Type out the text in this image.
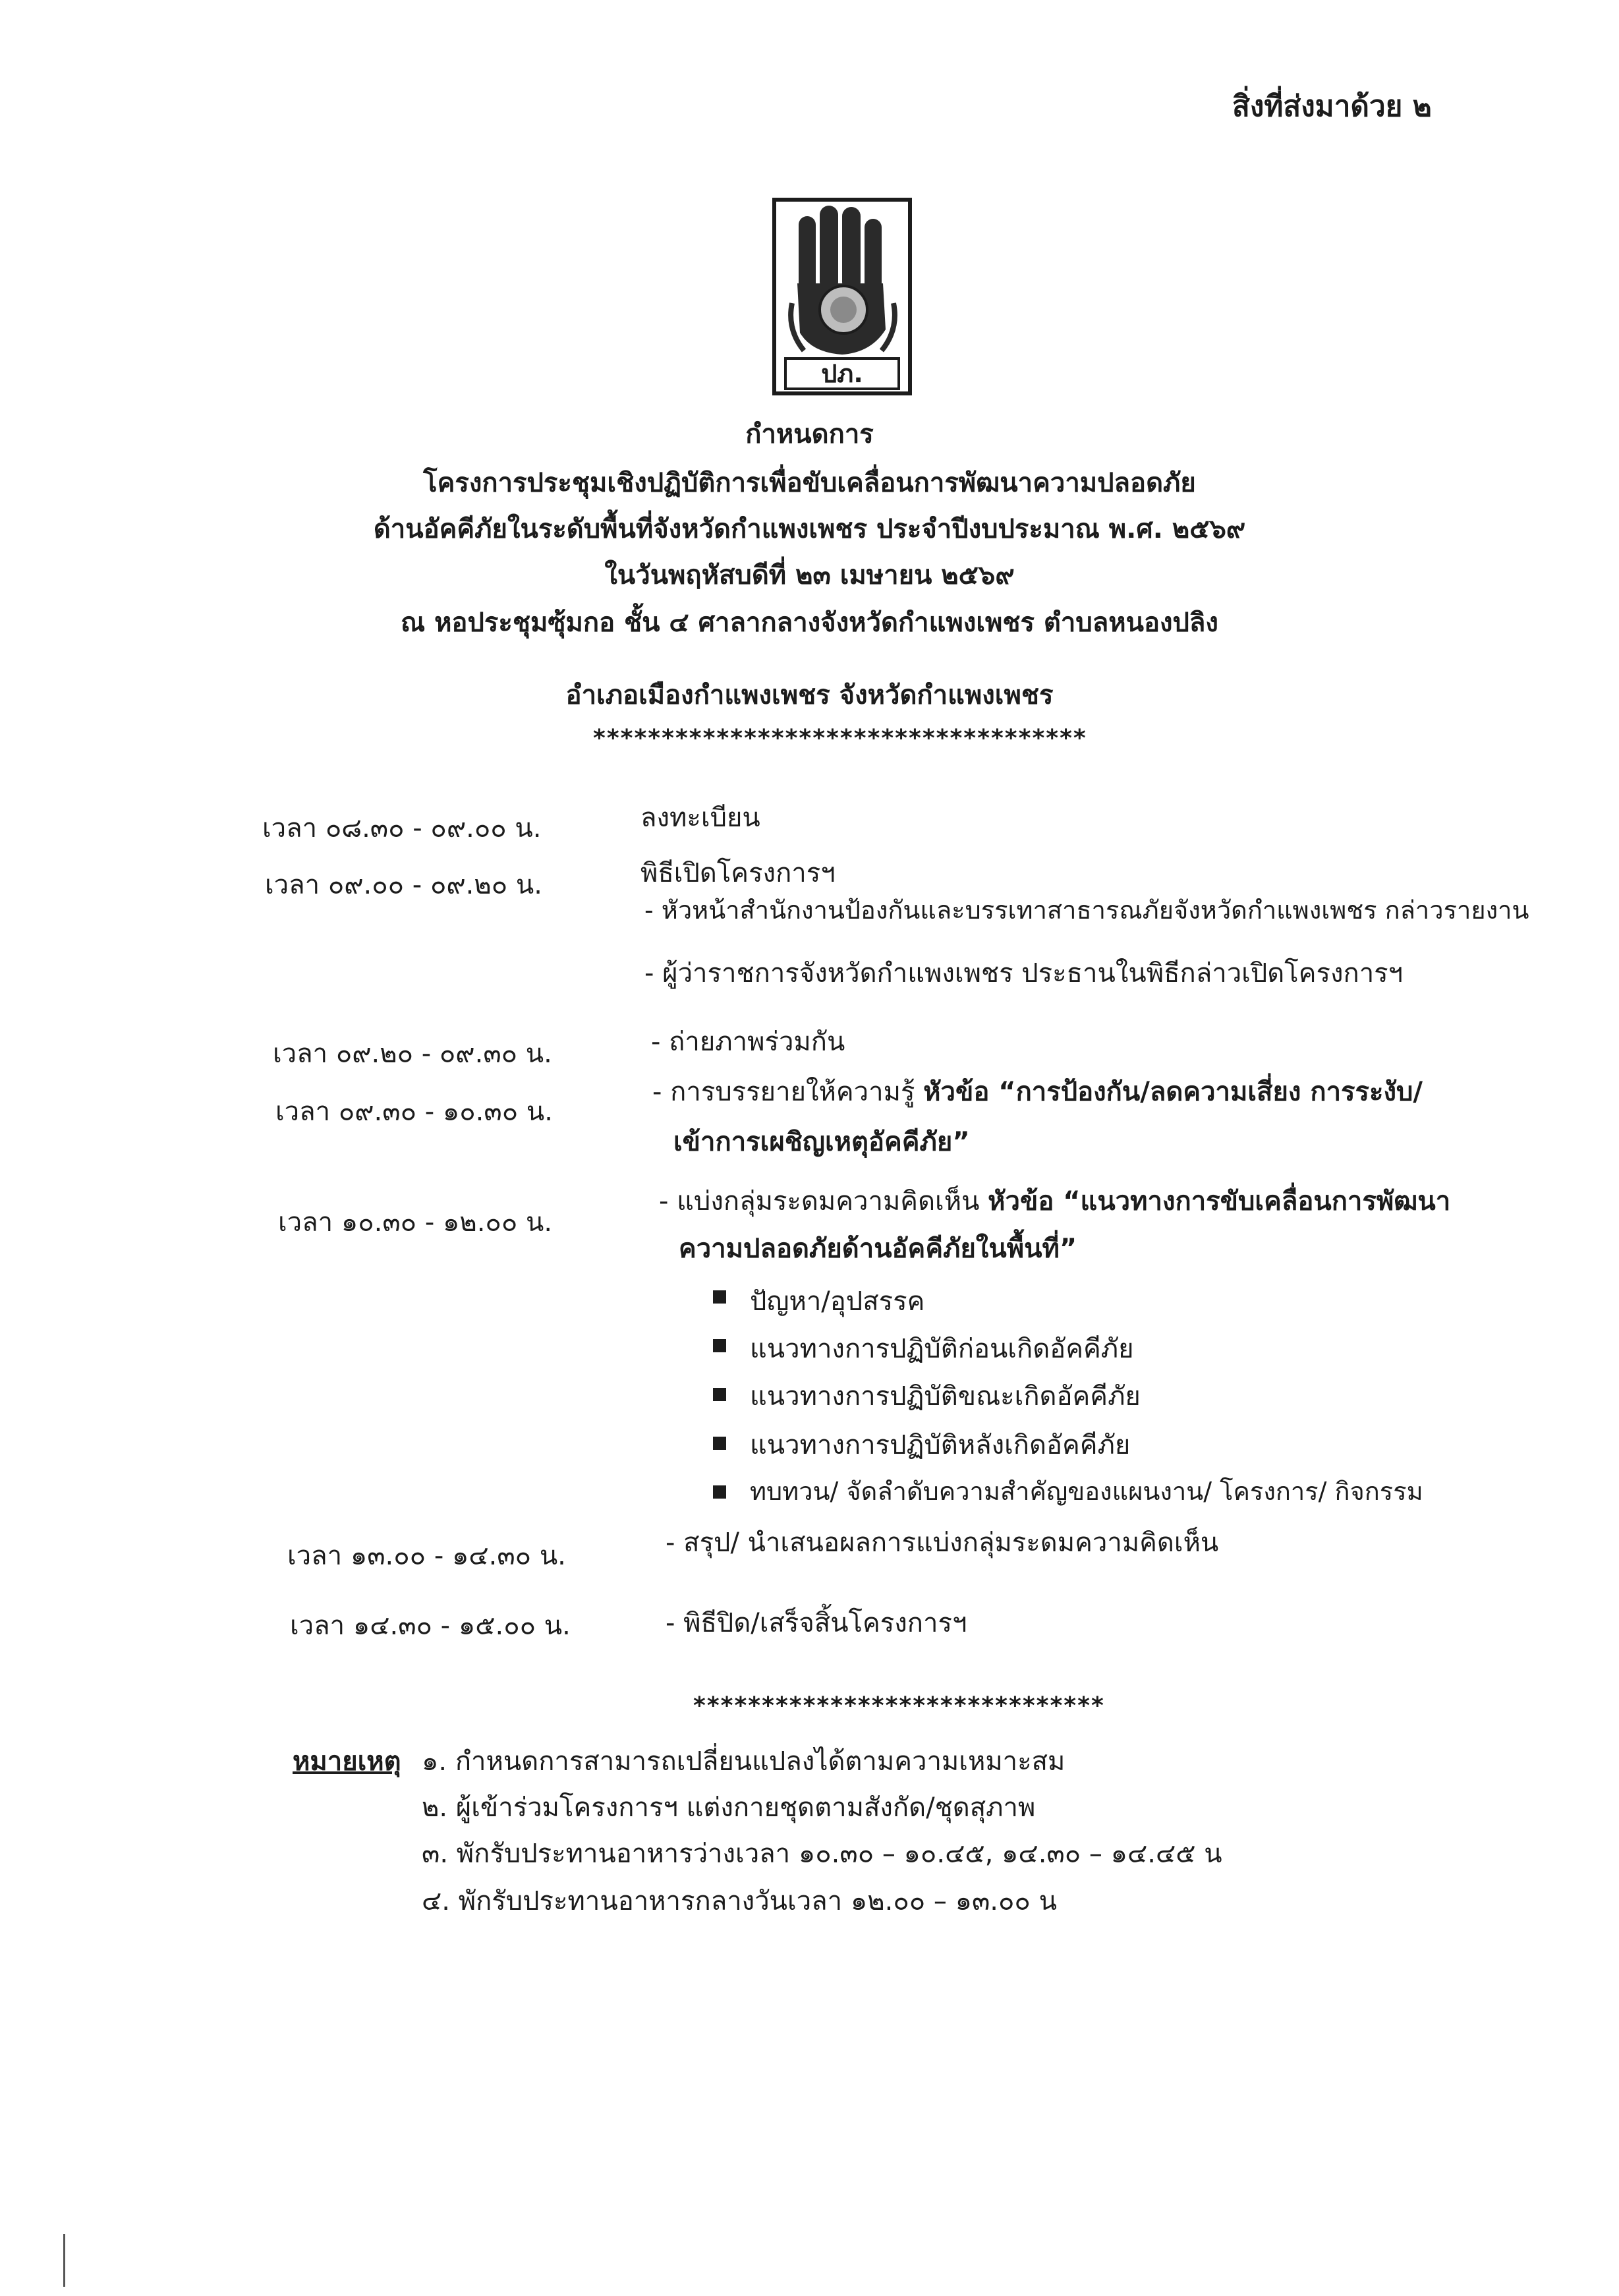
สิ่งที่ส่งมาด้วย ๒
ปภ.
กำหนดการ
โครงการประชุมเชิงปฏิบัติการเพื่อขับเคลื่อนการพัฒนาความปลอดภัย
ด้านอัคคีภัยในระดับพื้นที่จังหวัดกำแพงเพชร ประจำปีงบประมาณ พ.ศ. ๒๕๖๙
ในวันพฤหัสบดีที่ ๒๓ เมษายน ๒๕๖๙
ณ หอประชุมซุ้มกอ ชั้น ๔ ศาลากลางจังหวัดกำแพงเพชร ตำบลหนองปลิง
อำเภอเมืองกำแพงเพชร จังหวัดกำแพงเพชร
************************************
เวลา ๐๘.๓๐ - ๐๙.๐๐ น.	ลงทะเบียน
เวลา ๐๙.๐๐ - ๐๙.๒๐ น.	พิธีเปิดโครงการฯ
- หัวหน้าสำนักงานป้องกันและบรรเทาสาธารณภัยจังหวัดกำแพงเพชร กล่าวรายงาน
- ผู้ว่าราชการจังหวัดกำแพงเพชร ประธานในพิธีกล่าวเปิดโครงการฯ
เวลา ๐๙.๒๐ - ๐๙.๓๐ น.	- ถ่ายภาพร่วมกัน
เวลา ๐๙.๓๐ - ๑๐.๓๐ น.
- การบรรยายให้ความรู้ หัวข้อ “การป้องกัน/ลดความเสี่ยง การระงับ/
เข้าการเผชิญเหตุอัคคีภัย”
เวลา ๑๐.๓๐ - ๑๒.๐๐ น.
- แบ่งกลุ่มระดมความคิดเห็น หัวข้อ “แนวทางการขับเคลื่อนการพัฒนา
ความปลอดภัยด้านอัคคีภัยในพื้นที่”
ปัญหา/อุปสรรค
แนวทางการปฏิบัติก่อนเกิดอัคคีภัย
แนวทางการปฏิบัติขณะเกิดอัคคีภัย
แนวทางการปฏิบัติหลังเกิดอัคคีภัย
ทบทวน/ จัดลำดับความสำคัญของแผนงาน/ โครงการ/ กิจกรรม
เวลา ๑๓.๐๐ - ๑๔.๓๐ น.	- สรุป/ นำเสนอผลการแบ่งกลุ่มระดมความคิดเห็น
เวลา ๑๔.๓๐ - ๑๕.๐๐ น.	- พิธีปิด/เสร็จสิ้นโครงการฯ
******************************
หมายเหตุ ๑. กำหนดการสามารถเปลี่ยนแปลงได้ตามความเหมาะสม
๒. ผู้เข้าร่วมโครงการฯ แต่งกายชุดตามสังกัด/ชุดสุภาพ
๓. พักรับประทานอาหารว่างเวลา ๑๐.๓๐ – ๑๐.๔๕, ๑๔.๓๐ – ๑๔.๔๕ น
๔. พักรับประทานอาหารกลางวันเวลา ๑๒.๐๐ – ๑๓.๐๐ น
